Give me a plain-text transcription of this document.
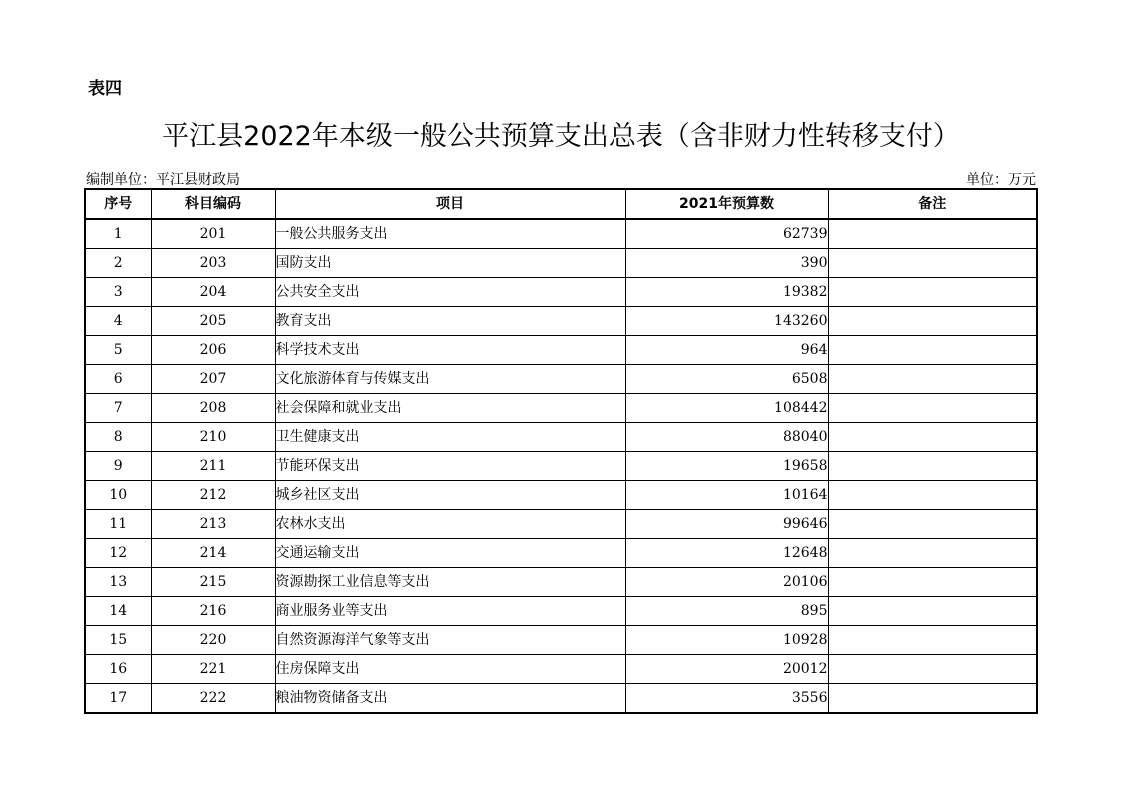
表四
平江县2022年本级一般公共预算支出总表（含非财力性转移支付）
编制单位：平江县财政局	单位：万元
序号	科目编码	项目	2021年预算数	备注
1	201	一般公共服务支出	62739	
2	203	国防支出	390	
3	204	公共安全支出	19382	
4	205	教育支出	143260	
5	206	科学技术支出	964	
6	207	文化旅游体育与传媒支出	6508	
7	208	社会保障和就业支出	108442	
8	210	卫生健康支出	88040	
9	211	节能环保支出	19658	
10	212	城乡社区支出	10164	
11	213	农林水支出	99646	
12	214	交通运输支出	12648	
13	215	资源勘探工业信息等支出	20106	
14	216	商业服务业等支出	895	
15	220	自然资源海洋气象等支出	10928	
16	221	住房保障支出	20012	
17	222	粮油物资储备支出	3556	
